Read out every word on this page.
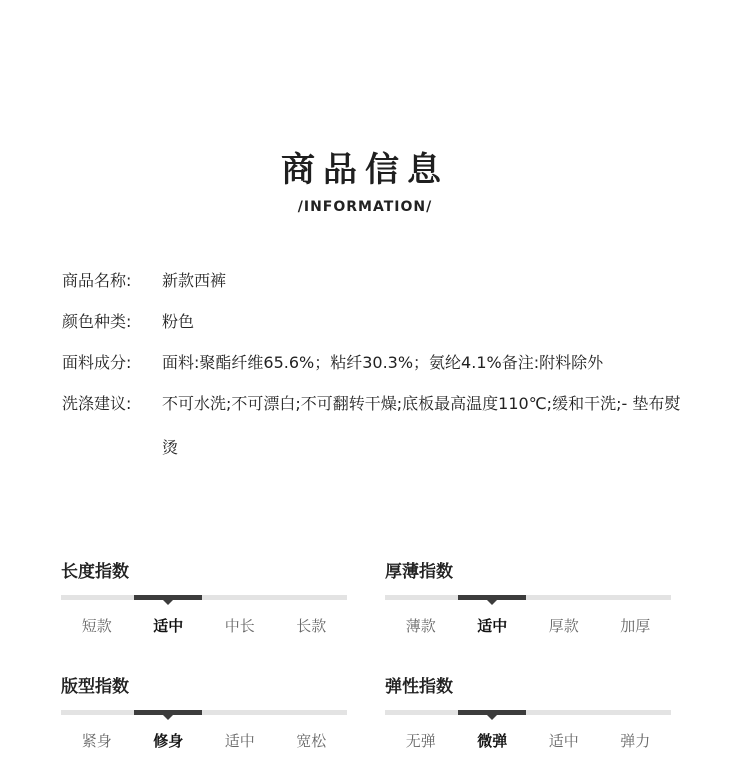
商品信息
/INFORMATION/
商品名称:	新款西裤
颜色种类:	粉色
面料成分:	面料:聚酯纤维65.6%；粘纤30.3%；氨纶4.1%备注:附料除外
洗涤建议:	不可水洗;不可漂白;不可翻转干燥;底板最高温度110℃;缓和干洗;- 垫布熨烫
长度指数
短款	适中	中长	长款
厚薄指数
薄款	适中	厚款	加厚
版型指数
紧身	修身	适中	宽松
弹性指数
无弹	微弹	适中	弹力
